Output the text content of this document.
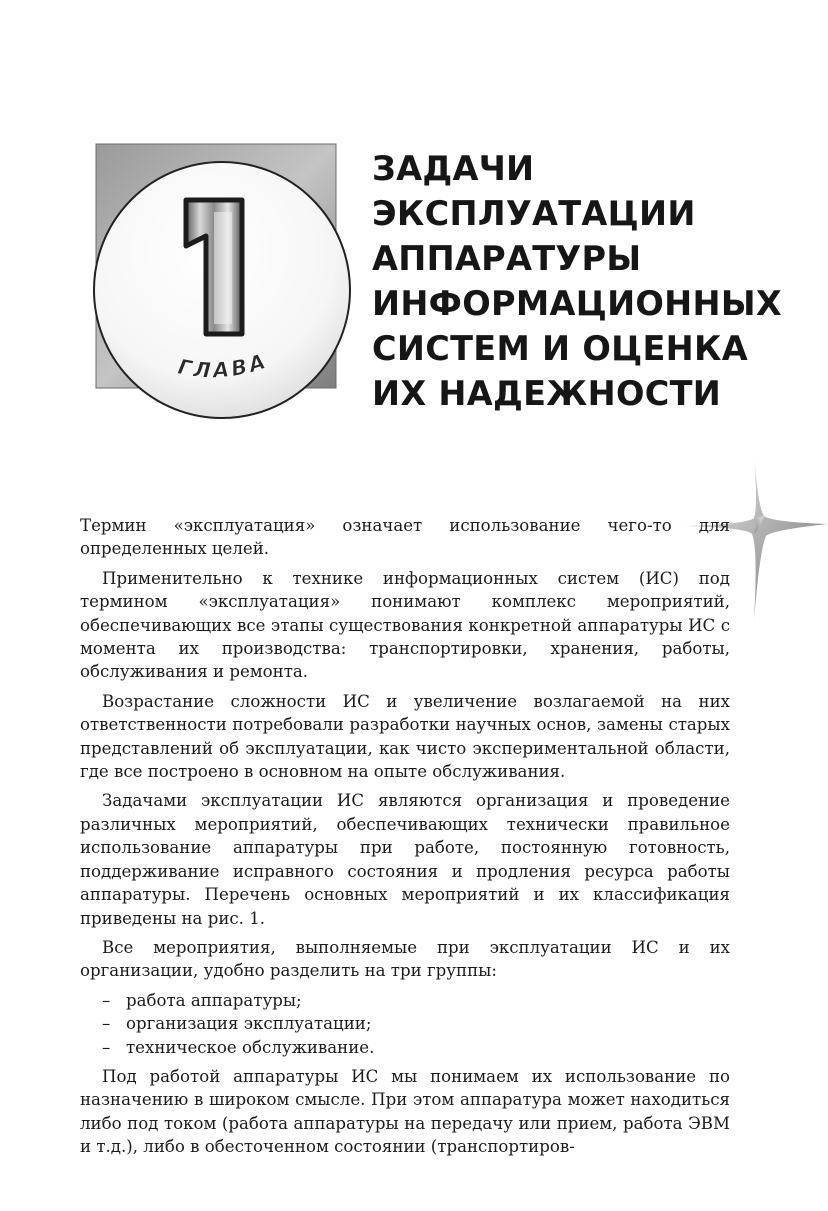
ГЛАВА
ЗАДАЧИ
ЭКСПЛУАТАЦИИ
АППАРАТУРЫ
ИНФОРМАЦИОННЫХ
СИСТЕМ И ОЦЕНКА
ИХ НАДЕЖНОСТИ

Термин «эксплуатация» означает использование чего-то для определенных целей.

Применительно к технике информационных систем (ИС) под термином «эксплуатация» понимают комплекс мероприятий, обеспечивающих все этапы существования конкретной аппаратуры ИС с момента их производства: транспортировки, хранения, работы, обслуживания и ремонта.

Возрастание сложности ИС и увеличение возлагаемой на них ответственности потребовали разработки научных основ, замены старых представлений об эксплуатации, как чисто экспериментальной области, где все построено в основном на опыте обслуживания.

Задачами эксплуатации ИС являются организация и проведение различных мероприятий, обеспечивающих технически правильное использование аппаратуры при работе, постоянную готовность, поддерживание исправного состояния и продления ресурса работы аппаратуры. Перечень основных мероприятий и их классификация приведены на рис. 1.

Все мероприятия, выполняемые при эксплуатации ИС и их организации, удобно разделить на три группы:

– работа аппаратуры;
– организация эксплуатации;
– техническое обслуживание.

Под работой аппаратуры ИС мы понимаем их использование по назначению в широком смысле. При этом аппаратура может находиться либо под током (работа аппаратуры на передачу или прием, работа ЭВМ и т.д.), либо в обесточенном состоянии (транспортиров-
